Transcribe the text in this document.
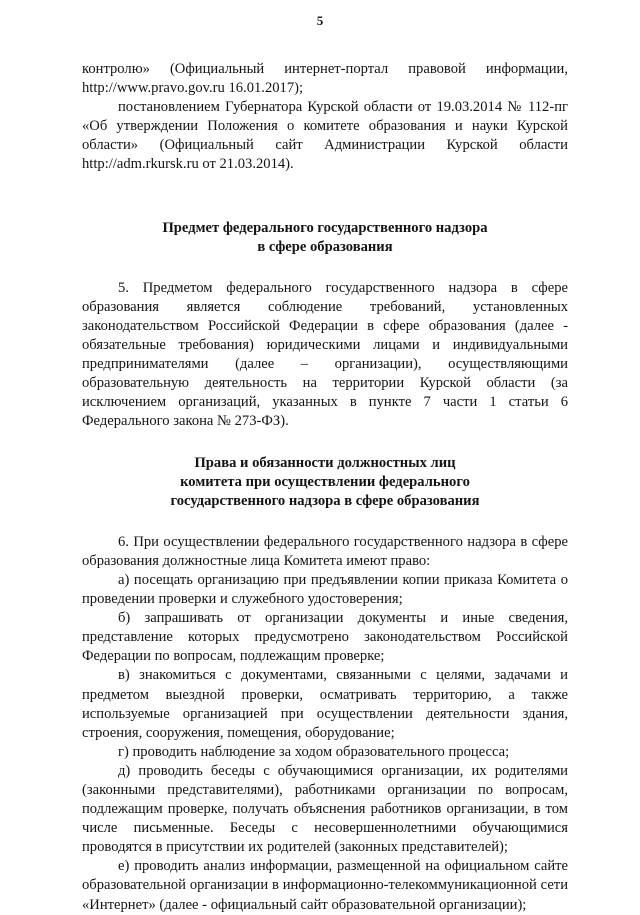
5

контролю» (Официальный интернет-портал правовой информации, http://www.pravo.gov.ru 16.01.2017);

постановлением Губернатора Курской области от 19.03.2014 № 112-пг «Об утверждении Положения о комитете образования и науки Курской области» (Официальный сайт Администрации Курской области http://adm.rkursk.ru от 21.03.2014).

Предмет федерального государственного надзора

в сфере образования

5. Предметом федерального государственного надзора в сфере образования является соблюдение требований, установленных законодательством Российской Федерации в сфере образования (далее - обязательные требования) юридическими лицами и индивидуальными предпринимателями (далее – организации), осуществляющими образовательную деятельность на территории Курской области (за исключением организаций, указанных в пункте 7 части 1 статьи 6 Федерального закона № 273-ФЗ).

Права и обязанности должностных лиц

комитета при осуществлении федерального

государственного надзора в сфере образования

6. При осуществлении федерального государственного надзора в сфере образования должностные лица Комитета имеют право:

а) посещать организацию при предъявлении копии приказа Комитета о проведении проверки и служебного удостоверения;

б) запрашивать от организации документы и иные сведения, представление которых предусмотрено законодательством Российской Федерации по вопросам, подлежащим проверке;

в) знакомиться с документами, связанными с целями, задачами и предметом выездной проверки, осматривать территорию, а также используемые организацией при осуществлении деятельности здания, строения, сооружения, помещения, оборудование;

г) проводить наблюдение за ходом образовательного процесса;

д) проводить беседы с обучающимися организации, их родителями (законными представителями), работниками организации по вопросам, подлежащим проверке, получать объяснения работников организации, в том числе письменные. Беседы с несовершеннолетними обучающимися проводятся в присутствии их родителей (законных представителей);

е) проводить анализ информации, размещенной на официальном сайте образовательной организации в информационно-телекоммуникационной сети «Интернет» (далее - официальный сайт образовательной организации);
